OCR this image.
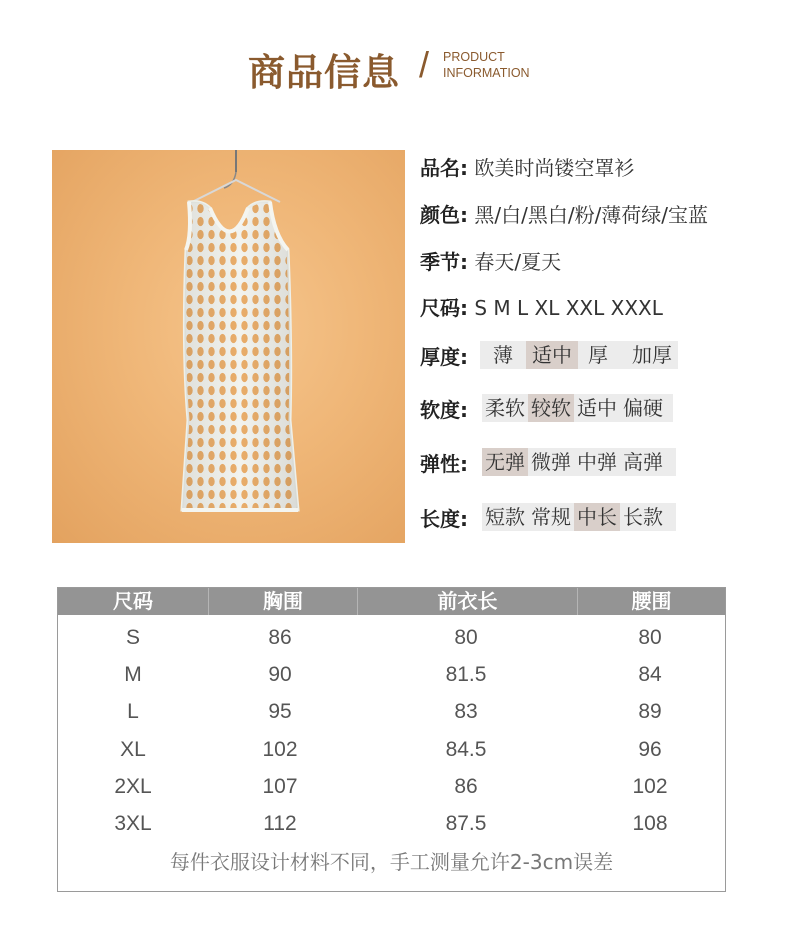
商品信息 / PRODUCT
INFORMATION
品名: 欧美时尚镂空罩衫
颜色: 黑/白/黑白/粉/薄荷绿/宝蓝
季节: 春天/夏天
尺码: S M L XL XXL XXXL
厚度:	薄 适中 厚	加厚
软度: 柔软 较软 适中 偏硬
弹性: 无弹 微弹 中弹 高弹
长度: 短款 常规 中长 长款
尺码	胸围	前衣长	腰围
S	86	80	80
M	90	81.5	84
L	95	83	89
XL	102	84.5	96
2XL	107	86	102
3XL	112	87.5	108
每件衣服设计材料不同，手工测量允许2-3cm误差
